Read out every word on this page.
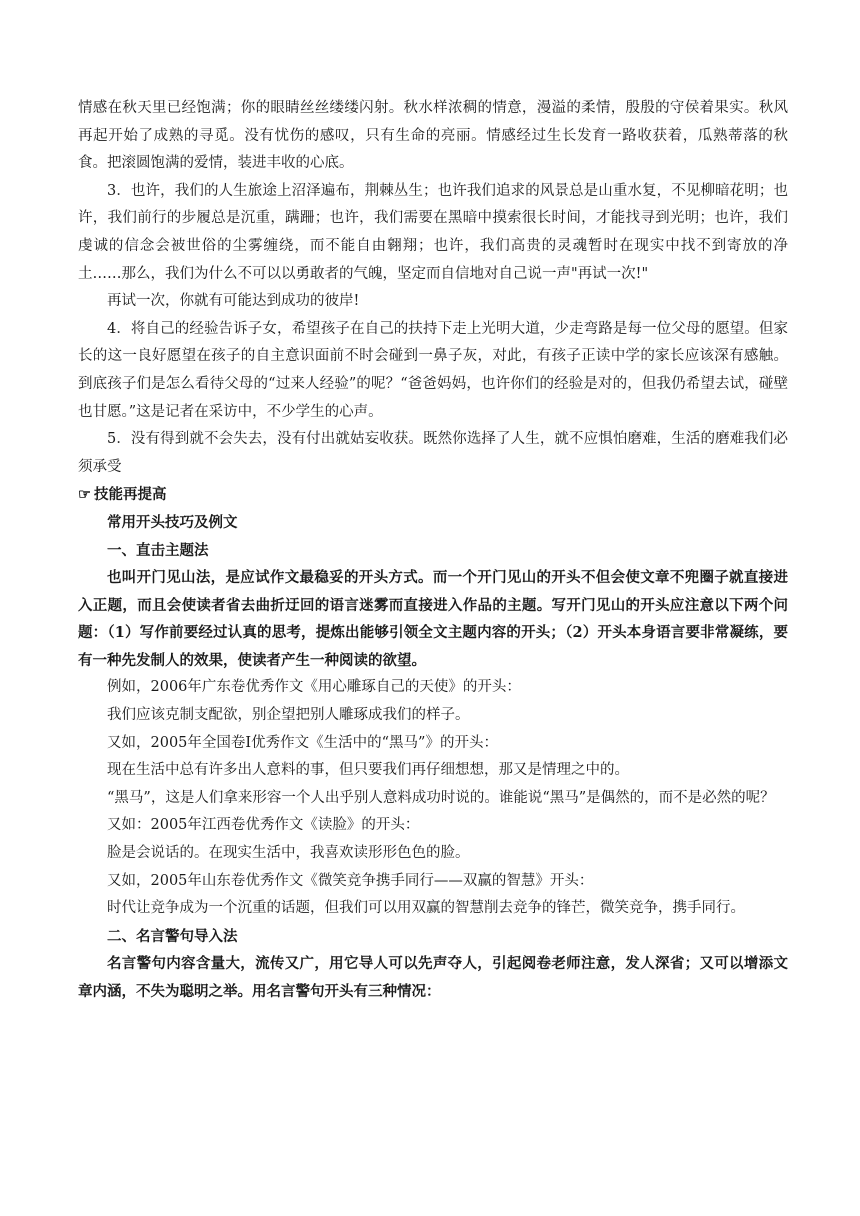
情感在秋天里已经饱满；你的眼睛丝丝缕缕闪射。秋水样浓稠的情意，漫溢的柔情，殷殷的守侯着果实。秋风再起开始了成熟的寻觅。没有忧伤的感叹，只有生命的亮丽。情感经过生长发育一路收获着，瓜熟蒂落的秋食。把滚圆饱满的爱情，装进丰收的心底。

3．也许，我们的人生旅途上沼泽遍布，荆棘丛生；也许我们追求的风景总是山重水复，不见柳暗花明；也许，我们前行的步履总是沉重，蹒跚；也许，我们需要在黑暗中摸索很长时间，才能找寻到光明；也许，我们虔诚的信念会被世俗的尘雾缠绕，而不能自由翱翔；也许，我们高贵的灵魂暂时在现实中找不到寄放的净土……那么，我们为什么不可以以勇敢者的气魄，坚定而自信地对自己说一声"再试一次!"

再试一次，你就有可能达到成功的彼岸!

4．将自己的经验告诉子女，希望孩子在自己的扶持下走上光明大道，少走弯路是每一位父母的愿望。但家长的这一良好愿望在孩子的自主意识面前不时会碰到一鼻子灰，对此，有孩子正读中学的家长应该深有感触。到底孩子们是怎么看待父母的“过来人经验”的呢？“爸爸妈妈，也许你们的经验是对的，但我仍希望去试，碰壁也甘愿。”这是记者在采访中，不少学生的心声。

5．没有得到就不会失去，没有付出就姑妄收获。既然你选择了人生，就不应惧怕磨难，生活的磨难我们必须承受

☞ 技能再提高

常用开头技巧及例文

一、直击主题法

也叫开门见山法，是应试作文最稳妥的开头方式。而一个开门见山的开头不但会使文章不兜圈子就直接进入正题，而且会使读者省去曲折迂回的语言迷雾而直接进入作品的主题。写开门见山的开头应注意以下两个问题：（1）写作前要经过认真的思考，提炼出能够引领全文主题内容的开头；（2）开头本身语言要非常凝练，要有一种先发制人的效果，使读者产生一种阅读的欲望。

例如，2006年广东卷优秀作文《用心雕琢自己的天使》的开头：

我们应该克制支配欲，别企望把别人雕琢成我们的样子。

又如，2005年全国卷Ⅰ优秀作文《生活中的“黑马”》的开头：

现在生活中总有许多出人意料的事，但只要我们再仔细想想，那又是情理之中的。

“黑马”，这是人们拿来形容一个人出乎别人意料成功时说的。谁能说“黑马”是偶然的，而不是必然的呢？

又如：2005年江西卷优秀作文《读脸》的开头：

脸是会说话的。在现实生活中，我喜欢读形形色色的脸。

又如，2005年山东卷优秀作文《微笑竞争携手同行——双赢的智慧》开头：

时代让竞争成为一个沉重的话题，但我们可以用双赢的智慧削去竞争的锋芒，微笑竞争，携手同行。

二、名言警句导入法

名言警句内容含量大，流传又广，用它导人可以先声夺人，引起阅卷老师注意，发人深省；又可以增添文章内涵，不失为聪明之举。用名言警句开头有三种情况：
